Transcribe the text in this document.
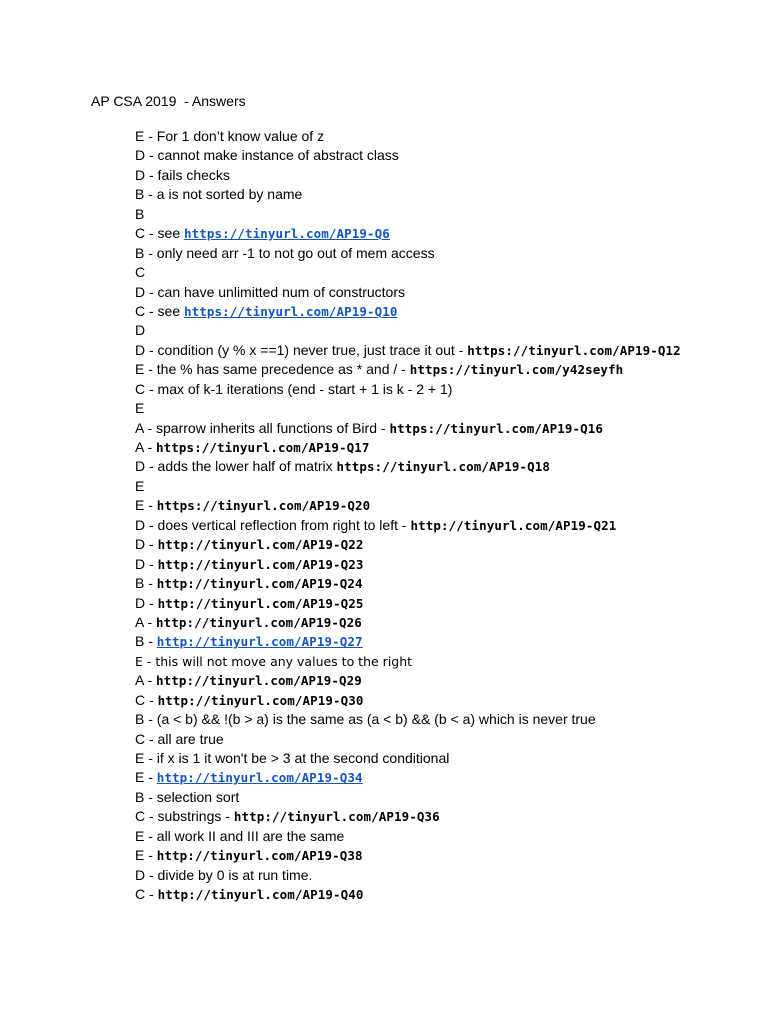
AP CSA 2019  - Answers
E - For 1 don’t know value of z
D - cannot make instance of abstract class
D - fails checks
B - a is not sorted by name
B
C - see https://tinyurl.com/AP19-Q6
B - only need arr -1 to not go out of mem access
C
D - can have unlimitted num of constructors
C - see https://tinyurl.com/AP19-Q10
D
D - condition (y % x ==1) never true, just trace it out - https://tinyurl.com/AP19-Q12
E - the % has same precedence as * and / - https://tinyurl.com/y42seyfh
C - max of k-1 iterations (end - start + 1 is k - 2 + 1)
E
A - sparrow inherits all functions of Bird - https://tinyurl.com/AP19-Q16
A - https://tinyurl.com/AP19-Q17
D - adds the lower half of matrix https://tinyurl.com/AP19-Q18
E
E - https://tinyurl.com/AP19-Q20
D - does vertical reflection from right to left - http://tinyurl.com/AP19-Q21
D - http://tinyurl.com/AP19-Q22
D - http://tinyurl.com/AP19-Q23
B - http://tinyurl.com/AP19-Q24
D - http://tinyurl.com/AP19-Q25
A - http://tinyurl.com/AP19-Q26
B - http://tinyurl.com/AP19-Q27
E - this will not move any values to the right
A - http://tinyurl.com/AP19-Q29
C - http://tinyurl.com/AP19-Q30
B - (a < b) && !(b > a) is the same as (a < b) && (b < a) which is never true
C - all are true
E - if x is 1 it won't be > 3 at the second conditional
E - http://tinyurl.com/AP19-Q34
B - selection sort
C - substrings - http://tinyurl.com/AP19-Q36
E - all work II and III are the same
E - http://tinyurl.com/AP19-Q38
D - divide by 0 is at run time.
C - http://tinyurl.com/AP19-Q40
